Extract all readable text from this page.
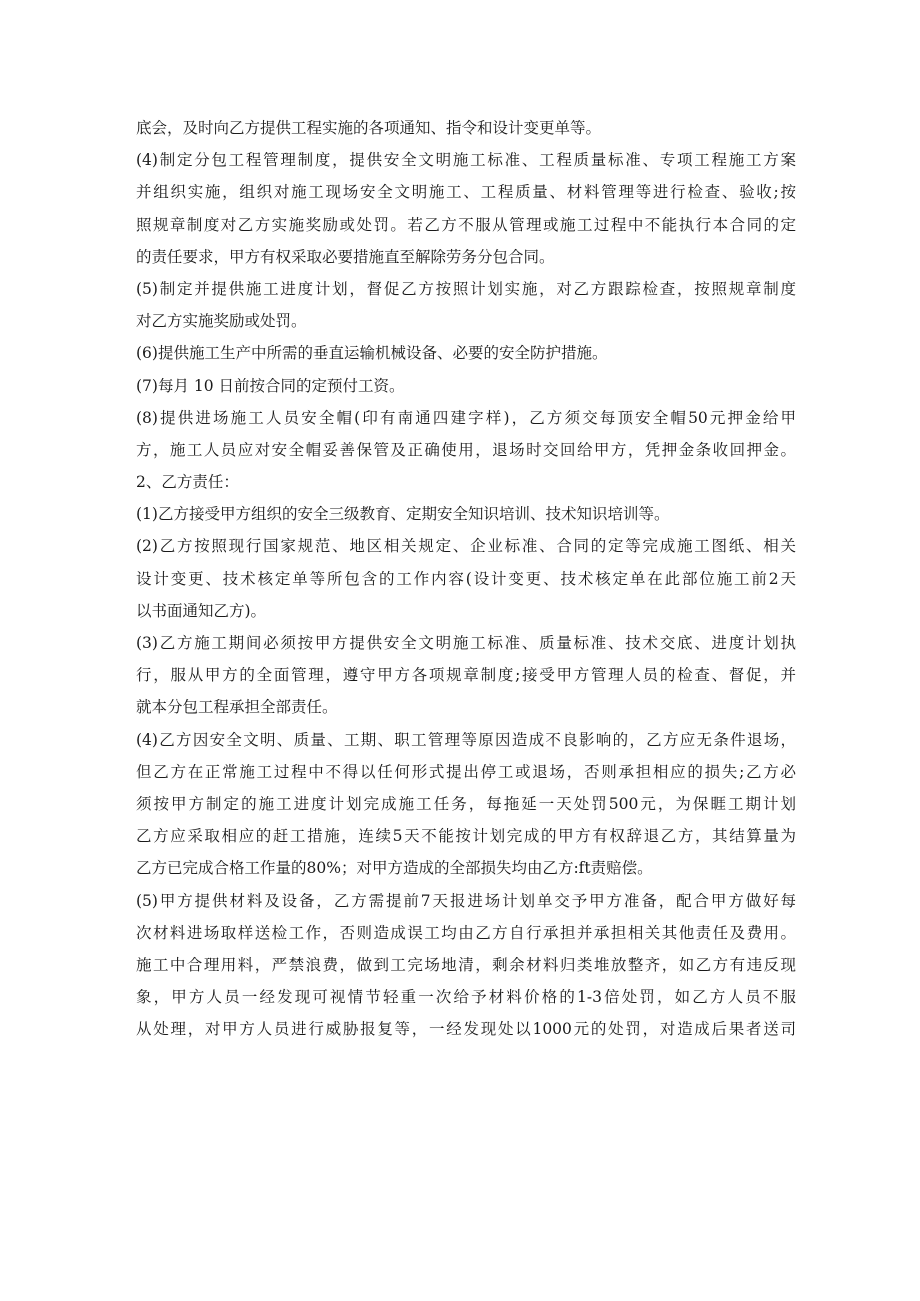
底会，及时向乙方提供工程实施的各项通知、指令和设计变更单等。
(4)制定分包工程管理制度，提供安全文明施工标准、工程质量标准、专项工程施工方案
并组织实施，组织对施工现场安全文明施工、工程质量、材料管理等进行检查、验收;按
照规章制度对乙方实施奖励或处罚。若乙方不服从管理或施工过程中不能执行本合同的定
的责任要求，甲方有权采取必要措施直至解除劳务分包合同。
(5)制定并提供施工进度计划，督促乙方按照计划实施，对乙方跟踪检查，按照规章制度
对乙方实施奖励或处罚。
(6)提供施工生产中所需的垂直运输机械设备、必要的安全防护措施。
(7)每月 10 日前按合同的定预付工资。
(8)提供进场施工人员安全帽(印有南通四建字样)，乙方须交每顶安全帽50元押金给甲
方，施工人员应对安全帽妥善保管及正确使用，退场时交回给甲方，凭押金条收回押金。
2、乙方责任：
(1)乙方接受甲方组织的安全三级教育、定期安全知识培训、技术知识培训等。
(2)乙方按照现行国家规范、地区相关规定、企业标准、合同的定等完成施工图纸、相关
设计变更、技术核定单等所包含的工作内容(设计变更、技术核定单在此部位施工前2天
以书面通知乙方)。
(3)乙方施工期间必须按甲方提供安全文明施工标准、质量标准、技术交底、进度计划执
行，服从甲方的全面管理，遵守甲方各项规章制度;接受甲方管理人员的检查、督促，并
就本分包工程承担全部责任。
(4)乙方因安全文明、质量、工期、职工管理等原因造成不良影响的，乙方应无条件退场，
但乙方在正常施工过程中不得以任何形式提出停工或退场，否则承担相应的损失;乙方必
须按甲方制定的施工进度计划完成施工任务，每拖延一天处罚500元，为保睚工期计划
乙方应采取相应的赶工措施，连续5天不能按计划完成的甲方有权辞退乙方，其结算量为
乙方已完成合格工作量的80%；对甲方造成的全部损失均由乙方:ft责赔偿。
(5)甲方提供材料及设备，乙方需提前7天报进场计划单交予甲方准备，配合甲方做好每
次材料进场取样送检工作，否则造成误工均由乙方自行承担并承担相关其他责任及费用。
施工中合理用料，严禁浪费，做到工完场地清，剩余材料归类堆放整齐，如乙方有违反现
象，甲方人员一经发现可视情节轻重一次给予材料价格的1-3倍处罚，如乙方人员不服
从处理，对甲方人员进行威胁报复等，一经发现处以1000元的处罚，对造成后果者送司
